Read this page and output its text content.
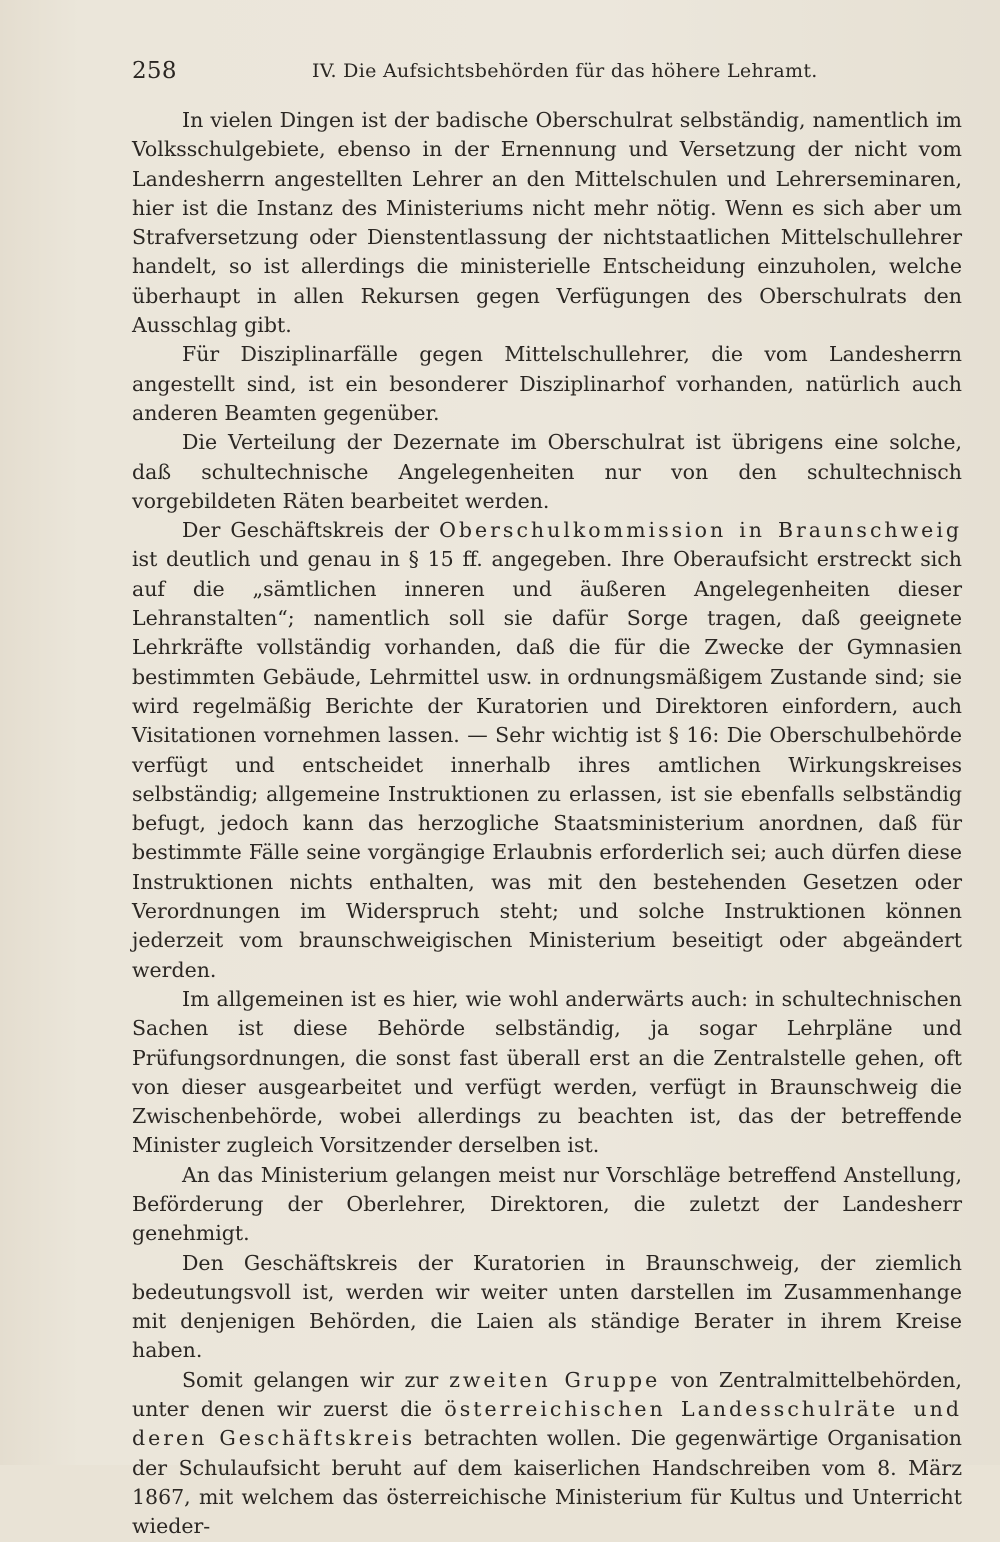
258	IV. Die Aufsichtsbehörden für das höhere Lehramt.

In vielen Dingen ist der badische Oberschulrat selbständig, namentlich im Volksschulgebiete, ebenso in der Ernennung und Versetzung der nicht vom Landesherrn angestellten Lehrer an den Mittelschulen und Lehrerseminaren, hier ist die Instanz des Ministeriums nicht mehr nötig. Wenn es sich aber um Strafversetzung oder Dienstentlassung der nichtstaatlichen Mittelschullehrer handelt, so ist allerdings die ministerielle Entscheidung einzuholen, welche überhaupt in allen Rekursen gegen Verfügungen des Oberschulrats den Ausschlag gibt.

Für Disziplinarfälle gegen Mittelschullehrer, die vom Landesherrn angestellt sind, ist ein besonderer Disziplinarhof vorhanden, natürlich auch anderen Beamten gegenüber.

Die Verteilung der Dezernate im Oberschulrat ist übrigens eine solche, daß schultechnische Angelegenheiten nur von den schultechnisch vorgebildeten Räten bearbeitet werden.

Der Geschäftskreis der Oberschulkommission in Braunschweig ist deutlich und genau in § 15 ff. angegeben. Ihre Oberaufsicht erstreckt sich auf die „sämtlichen inneren und äußeren Angelegenheiten dieser Lehranstalten“; namentlich soll sie dafür Sorge tragen, daß geeignete Lehrkräfte vollständig vorhanden, daß die für die Zwecke der Gymnasien bestimmten Gebäude, Lehrmittel usw. in ordnungsmäßigem Zustande sind; sie wird regelmäßig Berichte der Kuratorien und Direktoren einfordern, auch Visitationen vornehmen lassen. — Sehr wichtig ist § 16: Die Oberschulbehörde verfügt und entscheidet innerhalb ihres amtlichen Wirkungskreises selbständig; allgemeine Instruktionen zu erlassen, ist sie ebenfalls selbständig befugt, jedoch kann das herzogliche Staatsministerium anordnen, daß für bestimmte Fälle seine vorgängige Erlaubnis erforderlich sei; auch dürfen diese Instruktionen nichts enthalten, was mit den bestehenden Gesetzen oder Verordnungen im Widerspruch steht; und solche Instruktionen können jederzeit vom braunschweigischen Ministerium beseitigt oder abgeändert werden.

Im allgemeinen ist es hier, wie wohl anderwärts auch: in schultechnischen Sachen ist diese Behörde selbständig, ja sogar Lehrpläne und Prüfungsordnungen, die sonst fast überall erst an die Zentralstelle gehen, oft von dieser ausgearbeitet und verfügt werden, verfügt in Braunschweig die Zwischenbehörde, wobei allerdings zu beachten ist, das der betreffende Minister zugleich Vorsitzender derselben ist.

An das Ministerium gelangen meist nur Vorschläge betreffend Anstellung, Beförderung der Oberlehrer, Direktoren, die zuletzt der Landesherr genehmigt.

Den Geschäftskreis der Kuratorien in Braunschweig, der ziemlich bedeutungsvoll ist, werden wir weiter unten darstellen im Zusammenhange mit denjenigen Behörden, die Laien als ständige Berater in ihrem Kreise haben.

Somit gelangen wir zur zweiten Gruppe von Zentralmittelbehörden, unter denen wir zuerst die österreichischen Landesschulräte und deren Geschäftskreis betrachten wollen. Die gegenwärtige Organisation der Schulaufsicht beruht auf dem kaiserlichen Handschreiben vom 8. März 1867, mit welchem das österreichische Ministerium für Kultus und Unterricht wieder-
